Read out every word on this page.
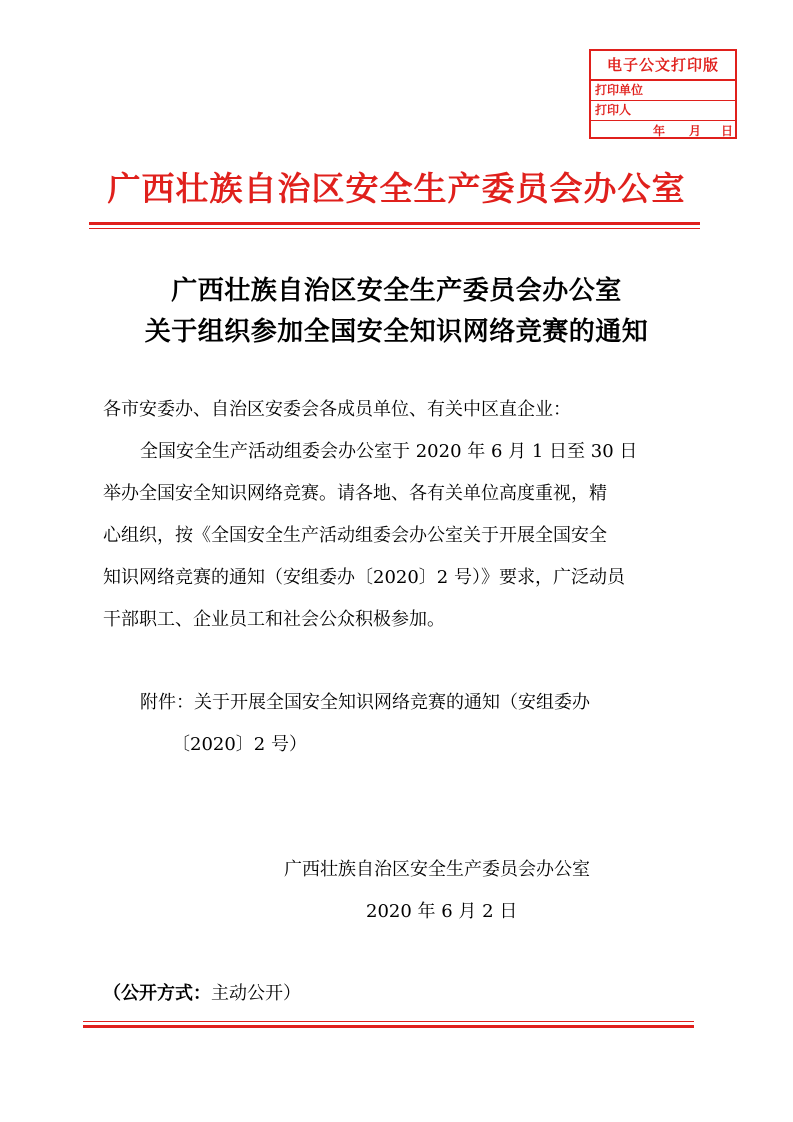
电子公文打印版
打印单位
打印人
年 月 日
广西壮族自治区安全生产委员会办公室
广西壮族自治区安全生产委员会办公室
关于组织参加全国安全知识网络竞赛的通知
各市安委办、自治区安委会各成员单位、有关中区直企业：
全国安全生产活动组委会办公室于 2020 年 6 月 1 日至 30 日
举办全国安全知识网络竞赛。请各地、各有关单位高度重视，精
心组织，按《全国安全生产活动组委会办公室关于开展全国安全
知识网络竞赛的通知（安组委办〔2020〕2 号）》要求，广泛动员
干部职工、企业员工和社会公众积极参加。
附件：关于开展全国安全知识网络竞赛的通知（安组委办
〔2020〕2 号）
广西壮族自治区安全生产委员会办公室
2020 年 6 月 2 日
（公开方式：主动公开）
